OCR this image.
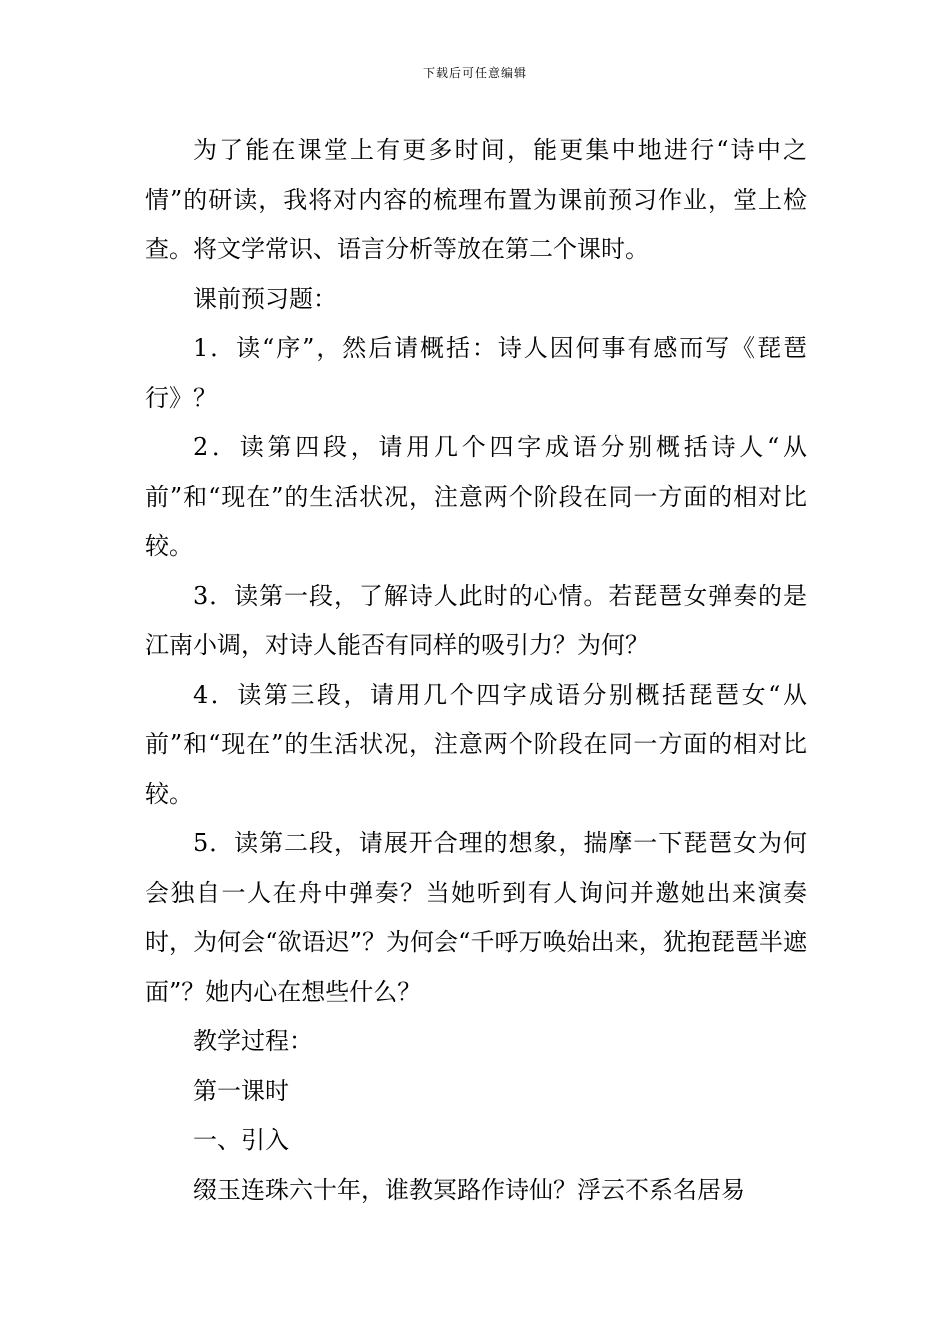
下载后可任意编辑

为了能在课堂上有更多时间，能更集中地进行“诗中之情”的研读，我将对内容的梳理布置为课前预习作业，堂上检查。将文学常识、语言分析等放在第二个课时。

课前预习题：

1．读“序”，然后请概括：诗人因何事有感而写《琵琶行》？

2．读第四段，请用几个四字成语分别概括诗人“从前”和“现在”的生活状况，注意两个阶段在同一方面的相对比较。

3．读第一段，了解诗人此时的心情。若琵琶女弹奏的是江南小调，对诗人能否有同样的吸引力？为何？

4．读第三段，请用几个四字成语分别概括琵琶女“从前”和“现在”的生活状况，注意两个阶段在同一方面的相对比较。

5．读第二段，请展开合理的想象，揣摩一下琵琶女为何会独自一人在舟中弹奏？当她听到有人询问并邀她出来演奏时，为何会“欲语迟”？为何会“千呼万唤始出来，犹抱琵琶半遮面”？她内心在想些什么？

教学过程：

第一课时

一、引入

缀玉连珠六十年，谁教冥路作诗仙？浮云不系名居易
